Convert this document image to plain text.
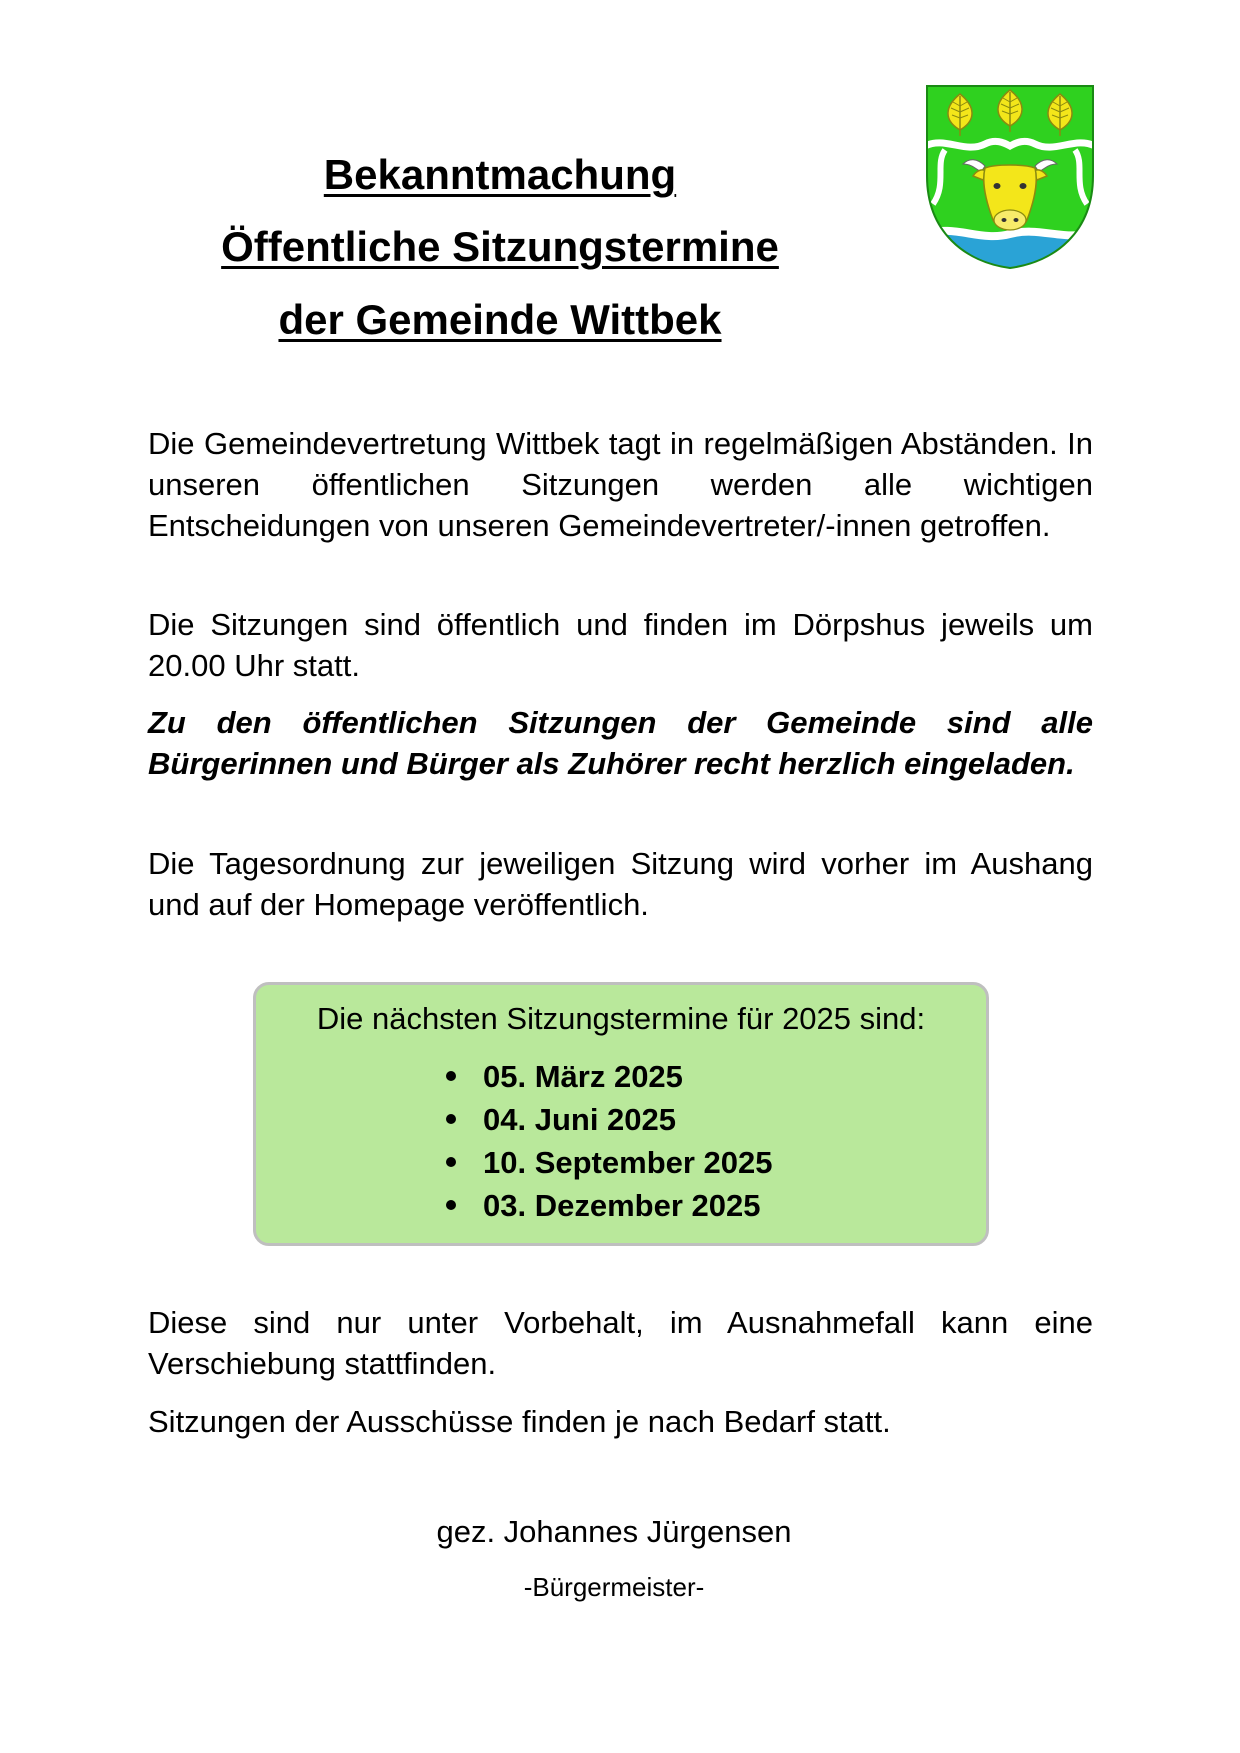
Bekanntmachung
Öffentliche Sitzungstermine
der Gemeinde Wittbek

Die Gemeindevertretung Wittbek tagt in regelmäßigen Abständen. In unseren öffentlichen Sitzungen werden alle wichtigen Entscheidungen von unseren Gemeindevertreter/-innen getroffen.

Die Sitzungen sind öffentlich und finden im Dörpshus jeweils um 20.00 Uhr statt.

Zu den öffentlichen Sitzungen der Gemeinde sind alle Bürgerinnen und Bürger als Zuhörer recht herzlich eingeladen.

Die Tagesordnung zur jeweiligen Sitzung wird vorher im Aushang und auf der Homepage veröffentlich.

Die nächsten Sitzungstermine für 2025 sind:
05. März 2025
04. Juni 2025
10. September 2025
03. Dezember 2025

Diese sind nur unter Vorbehalt, im Ausnahmefall kann eine Verschiebung stattfinden.

Sitzungen der Ausschüsse finden je nach Bedarf statt.

gez. Johannes Jürgensen
-Bürgermeister-
